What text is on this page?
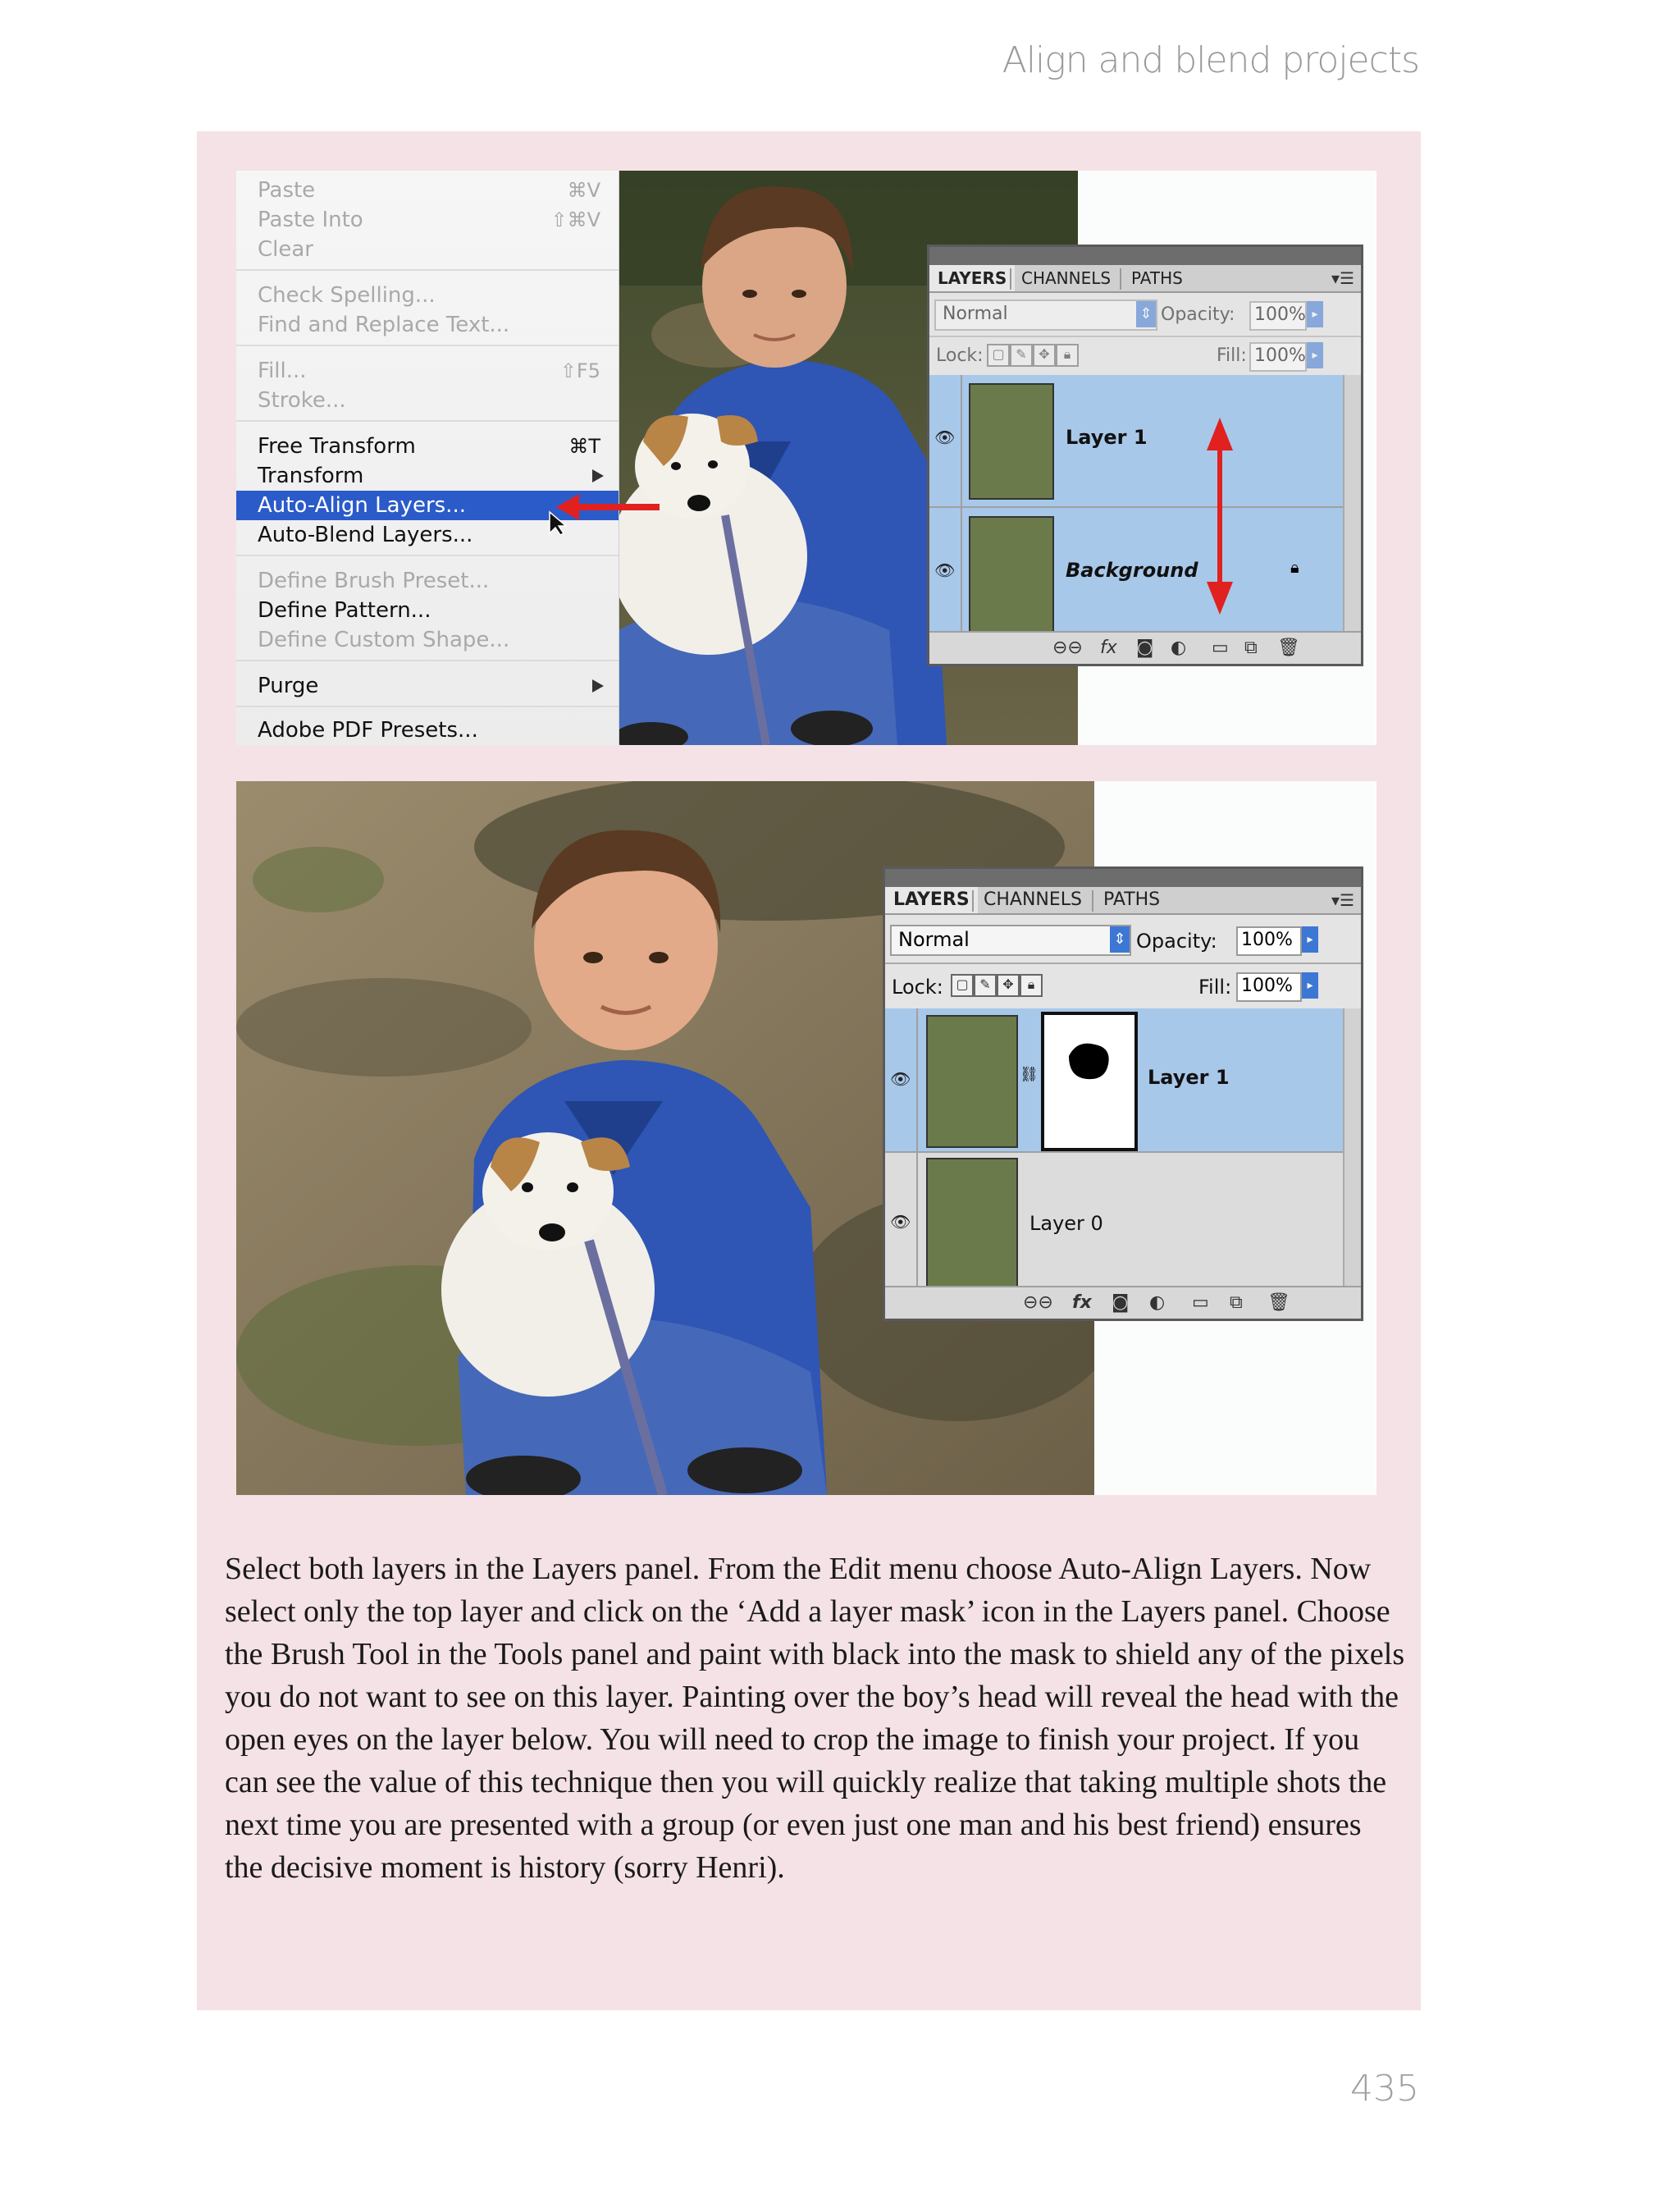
Align and blend projects
Paste	⌘V
Paste Into	⇧⌘V
Clear
Check Spelling...
Find and Replace Text...
Fill...	⇧F5
Stroke...
Free Transform	⌘T
Transform
Auto-Align Layers...
Auto-Blend Layers...
Define Brush Preset...
Define Pattern...
Define Custom Shape...
Purge
Adobe PDF Presets...
LAYERS CHANNELS	PATHS	▾☰
Normal	⇕ Opacity: 100% ▸
Lock: ▢ ✎ ✥	🔒︎	Fill: 100% ▸
👁︎	Layer 1
👁︎	Background	🔒︎
⊖⊖ fx ◙ ◐ ▭ ⧉ 🗑︎
LAYERS CHANNELS	PATHS	▾☰
Normal	⇕ Opacity: 100%	▸
Lock: ▢ ✎ ✥	🔒︎	Fill: 100%	▸
👁︎	⛓︎	Layer 1
👁︎	Layer 0
⊖⊖ fx ◙ ◐ ▭ ⧉ 🗑︎

Select both layers in the Layers panel. From the Edit menu choose Auto-Align Layers. Now select only the top layer and click on the ‘Add a layer mask’ icon in the Layers panel. Choose the Brush Tool in the Tools panel and paint with black into the mask to shield any of the pixels you do not want to see on this layer. Painting over the boy’s head will reveal the head with the open eyes on the layer below. You will need to crop the image to finish your project. If you can see the value of this technique then you will quickly realize that taking multiple shots the next time you are presented with a group (or even just one man and his best friend) ensures the decisive moment is history (sorry Henri).

435
